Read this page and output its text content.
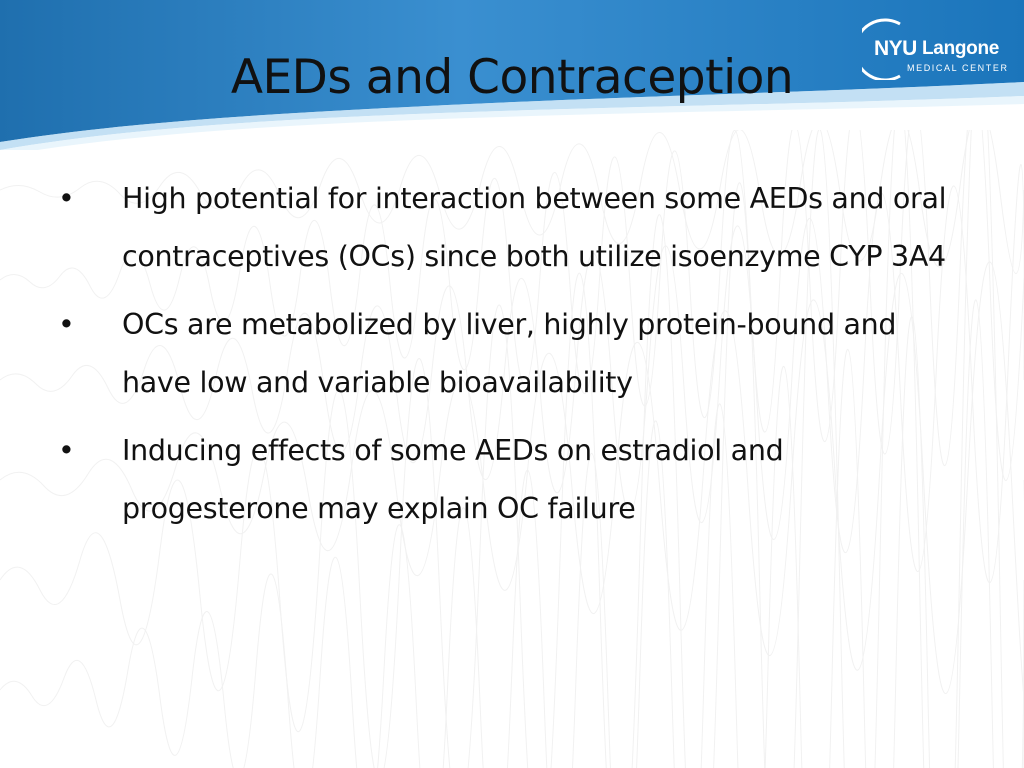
NYU Langone
MEDICAL CENTER
AEDs and Contraception
• High potential for interaction between some AEDs and oral contraceptives (OCs) since both utilize isoenzyme CYP 3A4
• OCs are metabolized by liver, highly protein-bound and have low and variable bioavailability
• Inducing effects of some AEDs on estradiol and progesterone may explain OC failure
